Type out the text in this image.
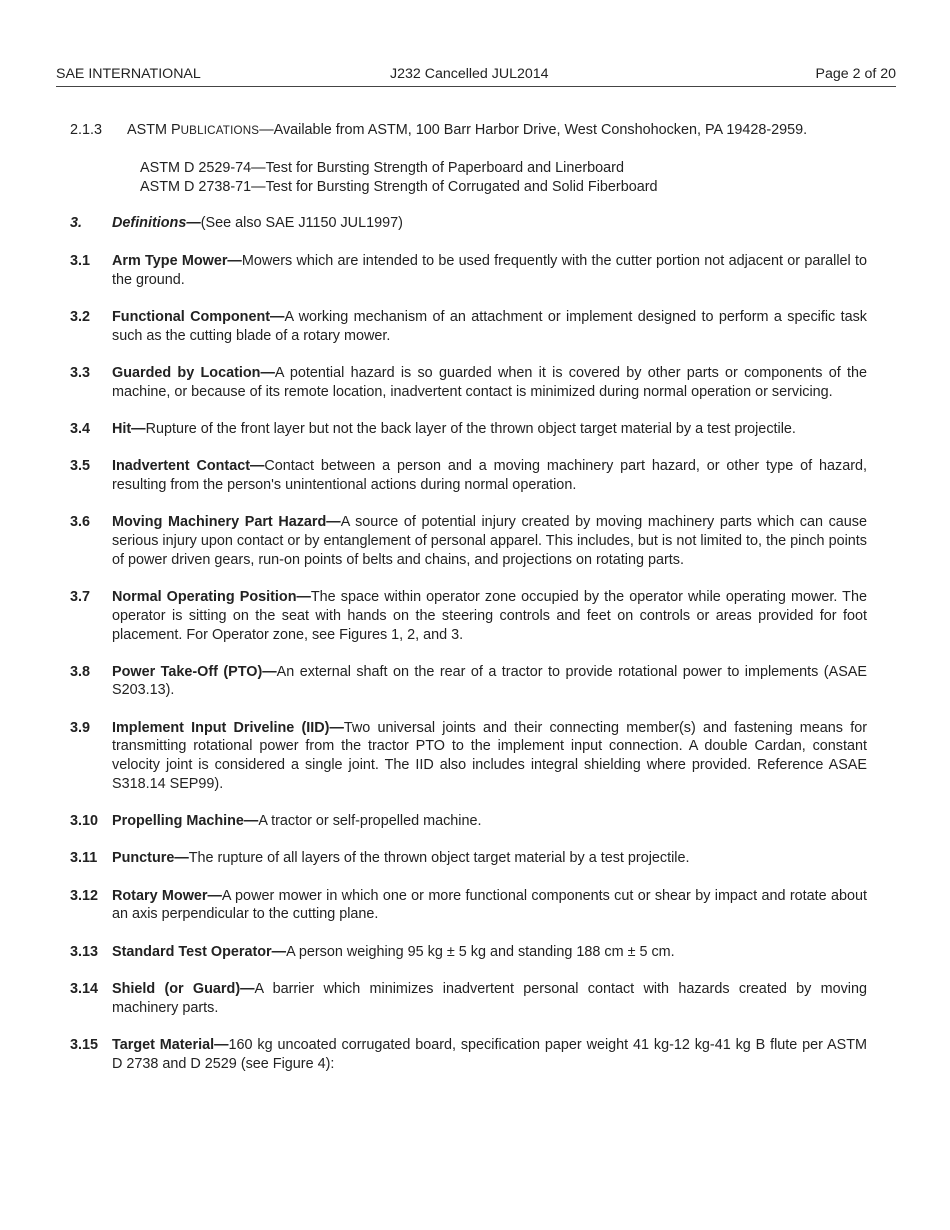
SAE INTERNATIONAL	J232 Cancelled JUL2014	Page 2 of 20
2.1.3 ASTM PUBLICATIONS—Available from ASTM, 100 Barr Harbor Drive, West Conshohocken, PA 19428-2959.
ASTM D 2529-74—Test for Bursting Strength of Paperboard and Linerboard
ASTM D 2738-71—Test for Bursting Strength of Corrugated and Solid Fiberboard
3. Definitions—(See also SAE J1150 JUL1997)
3.1 Arm Type Mower—Mowers which are intended to be used frequently with the cutter portion not adjacent or parallel to the ground.
3.2 Functional Component—A working mechanism of an attachment or implement designed to perform a specific task such as the cutting blade of a rotary mower.
3.3 Guarded by Location—A potential hazard is so guarded when it is covered by other parts or components of the machine, or because of its remote location, inadvertent contact is minimized during normal operation or servicing.
3.4 Hit—Rupture of the front layer but not the back layer of the thrown object target material by a test projectile.
3.5 Inadvertent Contact—Contact between a person and a moving machinery part hazard, or other type of hazard, resulting from the person's unintentional actions during normal operation.
3.6 Moving Machinery Part Hazard—A source of potential injury created by moving machinery parts which can cause serious injury upon contact or by entanglement of personal apparel. This includes, but is not limited to, the pinch points of power driven gears, run-on points of belts and chains, and projections on rotating parts.
3.7 Normal Operating Position—The space within operator zone occupied by the operator while operating mower. The operator is sitting on the seat with hands on the steering controls and feet on controls or areas provided for foot placement. For Operator zone, see Figures 1, 2, and 3.
3.8 Power Take-Off (PTO)—An external shaft on the rear of a tractor to provide rotational power to implements (ASAE S203.13).
3.9 Implement Input Driveline (IID)—Two universal joints and their connecting member(s) and fastening means for transmitting rotational power from the tractor PTO to the implement input connection. A double Cardan, constant velocity joint is considered a single joint. The IID also includes integral shielding where provided. Reference ASAE S318.14 SEP99).
3.10 Propelling Machine—A tractor or self-propelled machine.
3.11 Puncture—The rupture of all layers of the thrown object target material by a test projectile.
3.12 Rotary Mower—A power mower in which one or more functional components cut or shear by impact and rotate about an axis perpendicular to the cutting plane.
3.13 Standard Test Operator—A person weighing 95 kg ± 5 kg and standing 188 cm ± 5 cm.
3.14 Shield (or Guard)—A barrier which minimizes inadvertent personal contact with hazards created by moving machinery parts.
3.15 Target Material—160 kg uncoated corrugated board, specification paper weight 41 kg-12 kg-41 kg B flute per ASTM D 2738 and D 2529 (see Figure 4):
